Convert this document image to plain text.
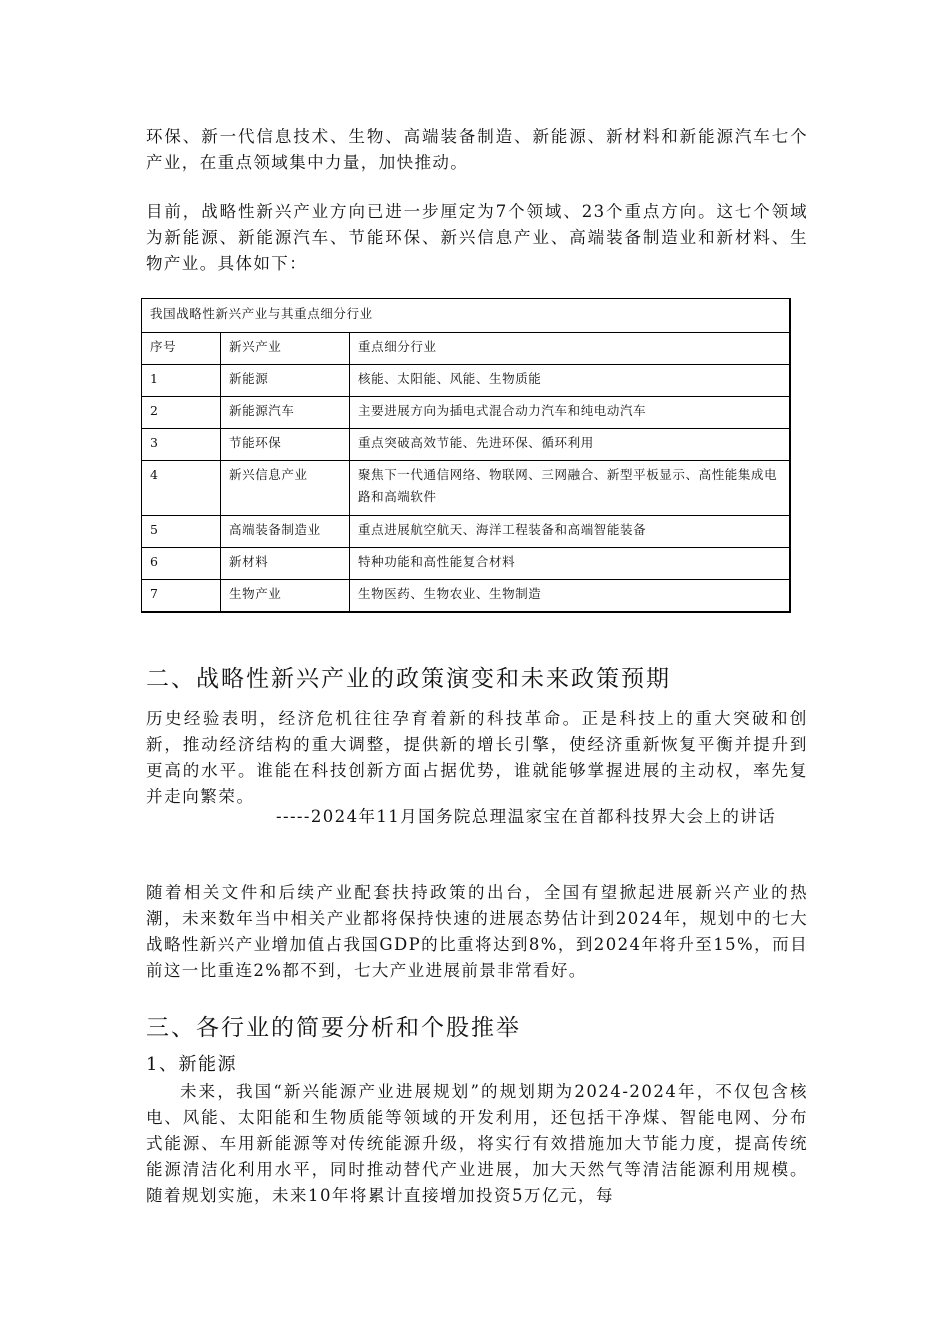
环保、新一代信息技术、生物、高端装备制造、新能源、新材料和新能源汽车七个产业，在重点领域集中力量，加快推动。

目前，战略性新兴产业方向已进一步厘定为7个领域、23个重点方向。这七个领域为新能源、新能源汽车、节能环保、新兴信息产业、高端装备制造业和新材料、生物产业。具体如下：

我国战略性新兴产业与其重点细分行业		
序号	新兴产业	重点细分行业
1	新能源	核能、太阳能、风能、生物质能
2	新能源汽车	主要进展方向为插电式混合动力汽车和纯电动汽车
3	节能环保	重点突破高效节能、先进环保、循环利用
4	新兴信息产业	聚焦下一代通信网络、物联网、三网融合、新型平板显示、高性能集成电路和高端软件
5	高端装备制造业	重点进展航空航天、海洋工程装备和高端智能装备
6	新材料	特种功能和高性能复合材料
7	生物产业	生物医药、生物农业、生物制造
二、战略性新兴产业的政策演变和未来政策预期

历史经验表明，经济危机往往孕育着新的科技革命。正是科技上的重大突破和创新，推动经济结构的重大调整，提供新的增长引擎，使经济重新恢复平衡并提升到更高的水平。谁能在科技创新方面占据优势，谁就能够掌握进展的主动权，率先复并走向繁荣。

-----2024年11月国务院总理温家宝在首都科技界大会上的讲话

随着相关文件和后续产业配套扶持政策的出台，全国有望掀起进展新兴产业的热潮，未来数年当中相关产业都将保持快速的进展态势估计到2024年，规划中的七大战略性新兴产业增加值占我国GDP的比重将达到8%，到2024年将升至15%，而目前这一比重连2%都不到，七大产业进展前景非常看好。

三、各行业的简要分析和个股推举
1、新能源

未来，我国“新兴能源产业进展规划”的规划期为2024-2024年，不仅包含核电、风能、太阳能和生物质能等领域的开发利用，还包括干净煤、智能电网、分布式能源、车用新能源等对传统能源升级，将实行有效措施加大节能力度，提高传统能源清洁化利用水平，同时推动替代产业进展，加大天然气等清洁能源利用规模。随着规划实施，未来10年将累计直接增加投资5万亿元，每
